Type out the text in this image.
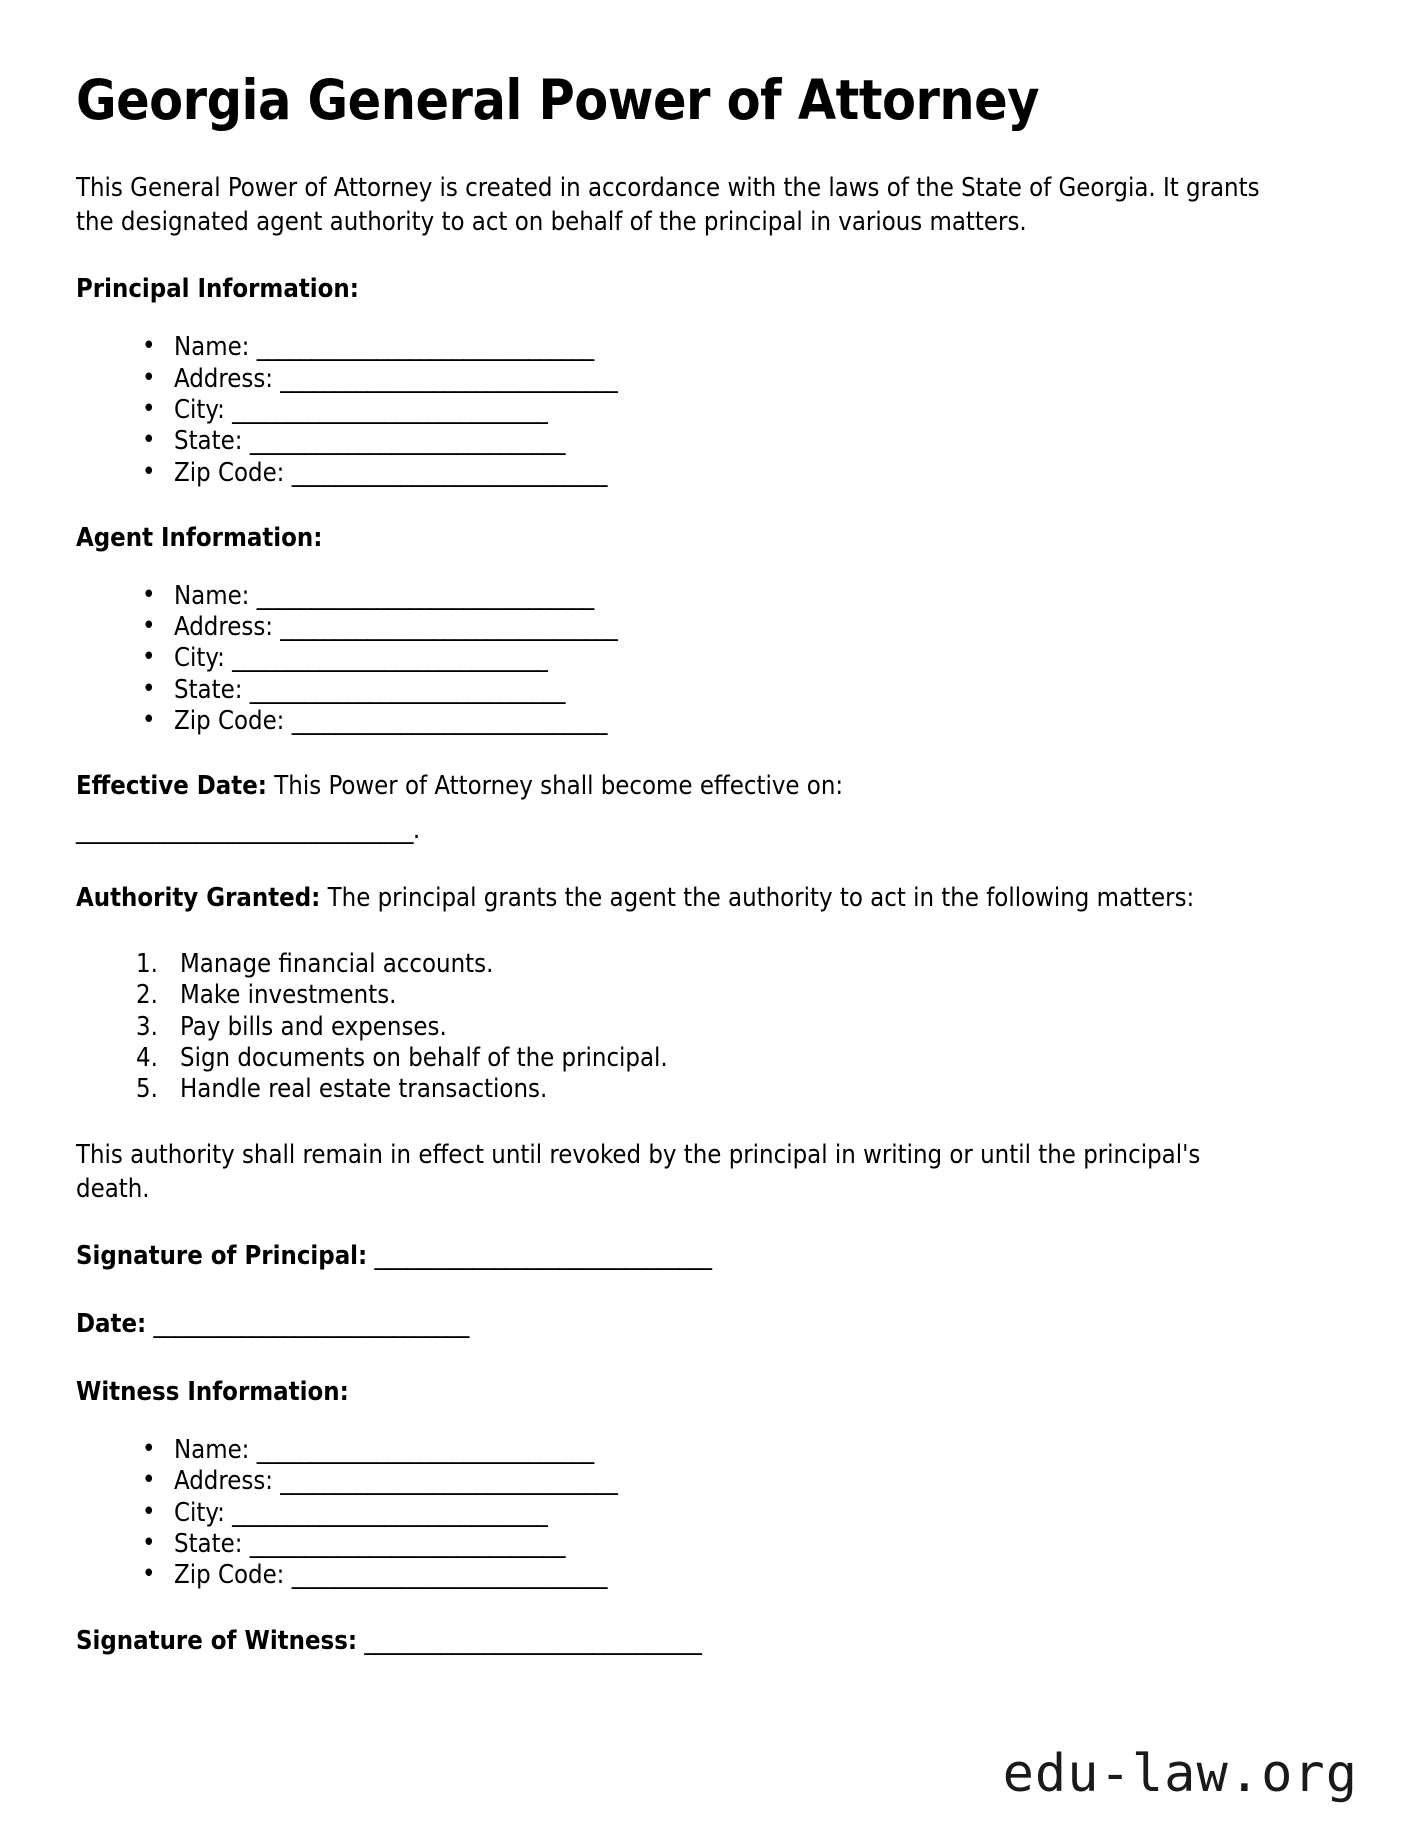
Georgia General Power of Attorney

This General Power of Attorney is created in accordance with the laws of the State of Georgia. It grants the designated agent authority to act on behalf of the principal in various matters.

Principal Information:
• Name: _______________________________
• Address: _______________________________
• City: _____________________________
• State: _____________________________
• Zip Code: _____________________________
Agent Information:
• Name: _______________________________
• Address: _______________________________
• City: _____________________________
• State: _____________________________
• Zip Code: _____________________________

Effective Date: This Power of Attorney shall become effective on:

_______________________________.

Authority Granted: The principal grants the agent the authority to act in the following matters:

Manage financial accounts.
Make investments.
Pay bills and expenses.
Sign documents on behalf of the principal.
Handle real estate transactions.

This authority shall remain in effect until revoked by the principal in writing or until the principal's death.

Signature of Principal: _______________________________

Date: _____________________________

Witness Information:
• Name: _______________________________
• Address: _______________________________
• City: _____________________________
• State: _____________________________
• Zip Code: _____________________________

Signature of Witness: _______________________________

edu-law.org
